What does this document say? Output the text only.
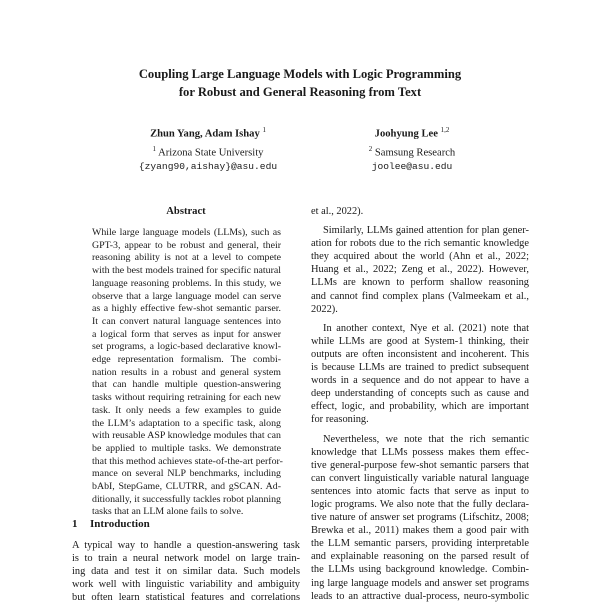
Coupling Large Language Models with Logic Programming
for Robust and General Reasoning from Text
Zhun Yang, Adam Ishay $^1$
$^1$ Arizona State University
{zyang90,aishay}@asu.edu
Joohyung Lee $^{1,2}$
$^2$ Samsung Research
joolee@asu.edu
Abstract
While large language models (LLMs), such as
GPT-3, appear to be robust and general, their
reasoning ability is not at a level to compete
with the best models trained for specific natural
language reasoning problems. In this study, we
observe that a large language model can serve
as a highly effective few-shot semantic parser.
It can convert natural language sentences into
a logical form that serves as input for answer
set programs, a logic-based declarative knowl-
edge representation formalism. The combi-
nation results in a robust and general system
that can handle multiple question-answering
tasks without requiring retraining for each new
task. It only needs a few examples to guide
the LLM’s adaptation to a specific task, along
with reusable ASP knowledge modules that can
be applied to multiple tasks. We demonstrate
that this method achieves state-of-the-art perfor-
mance on several NLP benchmarks, including
bAbI, StepGame, CLUTRR, and gSCAN. Ad-
ditionally, it successfully tackles robot planning
tasks that an LLM alone fails to solve.
1 Introduction
A typical way to handle a question-answering task
is to train a neural network model on large train-
ing data and test it on similar data. Such models
work well with linguistic variability and ambiguity
but often learn statistical features and correlations
et al., 2022).
Similarly, LLMs gained attention for plan gener-
ation for robots due to the rich semantic knowledge
they acquired about the world (Ahn et al., 2022;
Huang et al., 2022; Zeng et al., 2022). However,
LLMs are known to perform shallow reasoning
and cannot find complex plans (Valmeekam et al.,
2022).
In another context, Nye et al. (2021) note that
while LLMs are good at System-1 thinking, their
outputs are often inconsistent and incoherent. This
is because LLMs are trained to predict subsequent
words in a sequence and do not appear to have a
deep understanding of concepts such as cause and
effect, logic, and probability, which are important
for reasoning.
Nevertheless, we note that the rich semantic
knowledge that LLMs possess makes them effec-
tive general-purpose few-shot semantic parsers that
can convert linguistically variable natural language
sentences into atomic facts that serve as input to
logic programs. We also note that the fully declara-
tive nature of answer set programs (Lifschitz, 2008;
Brewka et al., 2011) makes them a good pair with
the LLM semantic parsers, providing interpretable
and explainable reasoning on the parsed result of
the LLMs using background knowledge. Combin-
ing large language models and answer set programs
leads to an attractive dual-process, neuro-symbolic
